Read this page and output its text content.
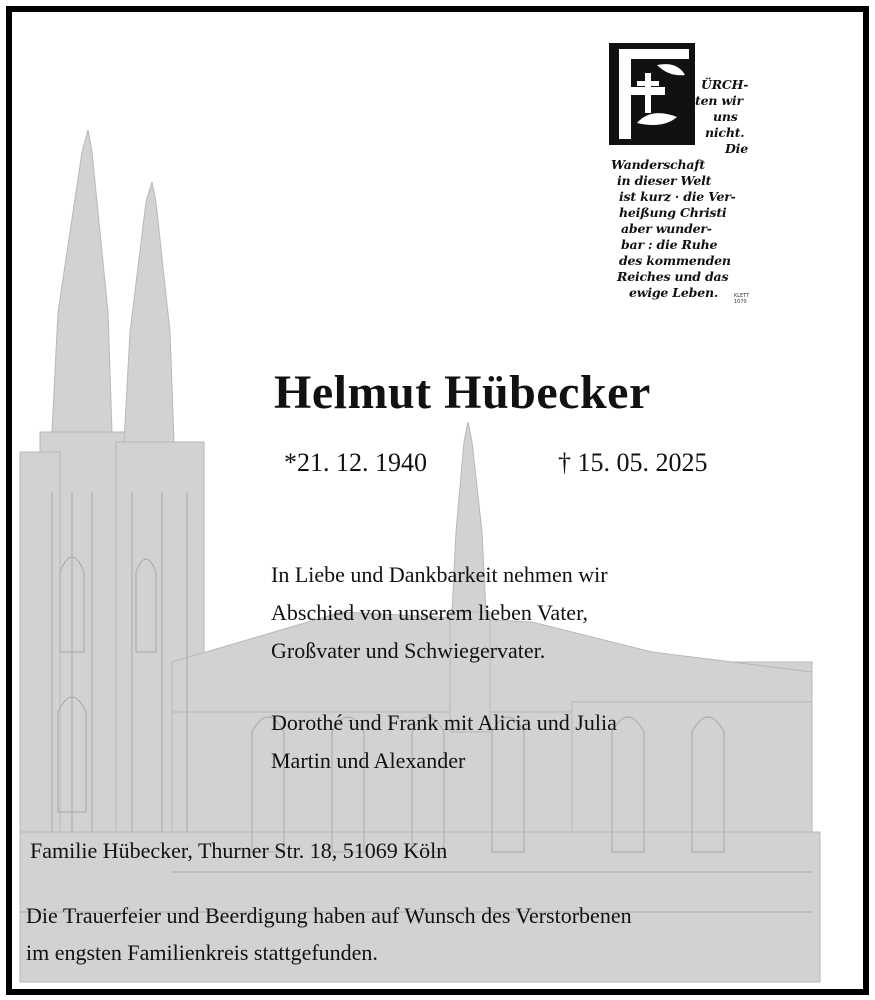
ÜRCH-
ten wir
uns
nicht.
Die
Wanderschaft
in dieser Welt
ist kurz · die Ver-
heißung Christi
aber wunder-
bar : die Ruhe
des kommenden
Reiches und das
ewige Leben.	KLETT 1070
Helmut Hübecker
*21. 12. 1940	† 15. 05. 2025
In Liebe und Dankbarkeit nehmen wir
Abschied von unserem lieben Vater,
Großvater und Schwiegervater.
Dorothé und Frank mit Alicia und Julia
Martin und Alexander
Familie Hübecker, Thurner Str. 18, 51069 Köln
Die Trauerfeier und Beerdigung haben auf Wunsch des Verstorbenen
im engsten Familienkreis stattgefunden.
